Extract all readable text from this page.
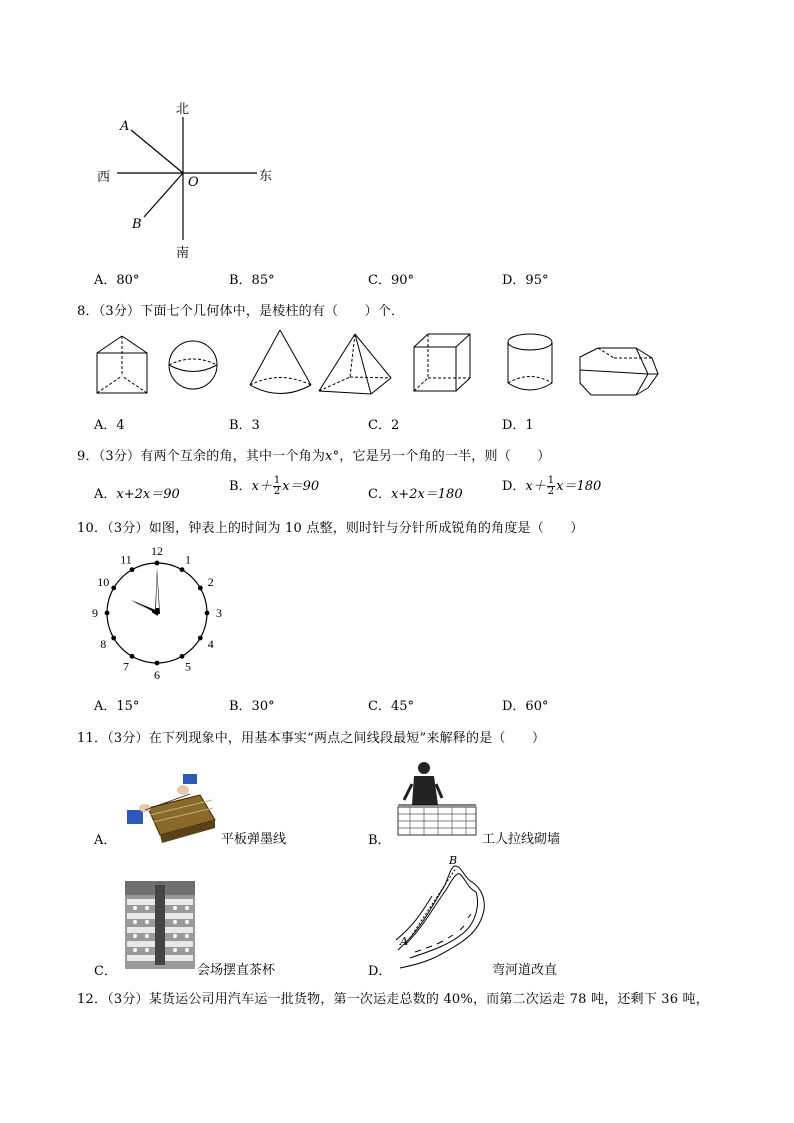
北
南
西	东
A
B
O
A．80°	B．85°	C．90°	D．95°
8．（3分）下面七个几何体中，是棱柱的有（　　）个．
A．4	B．3	C．2	D．1
9．（3分）有两个互余的角，其中一个角为x°，它是另一个角的一半，则（　　）
A．x+2x＝90
B．$x+ \frac{1}{2} x=90$
C．x+2x＝180
D．$x+ \frac{1}{2} x=180$
10．（3分）如图，钟表上的时间为 10 点整，则时针与分针所成锐角的角度是（　　）
12
1
2
3
4
5
6
7
8
9
10
11
A．15°	B．30°	C．45°	D．60°
11．（3分）在下列现象中，用基本事实“两点之间线段最短”来解释的是（　　）
A．	平板弹墨线	B．	工人拉线砌墙
C．	会场摆直茶杯
B
A
D．	弯河道改直
12．（3分）某货运公司用汽车运一批货物，第一次运走总数的 40%，而第二次运走 78 吨，还剩下 36 吨，
